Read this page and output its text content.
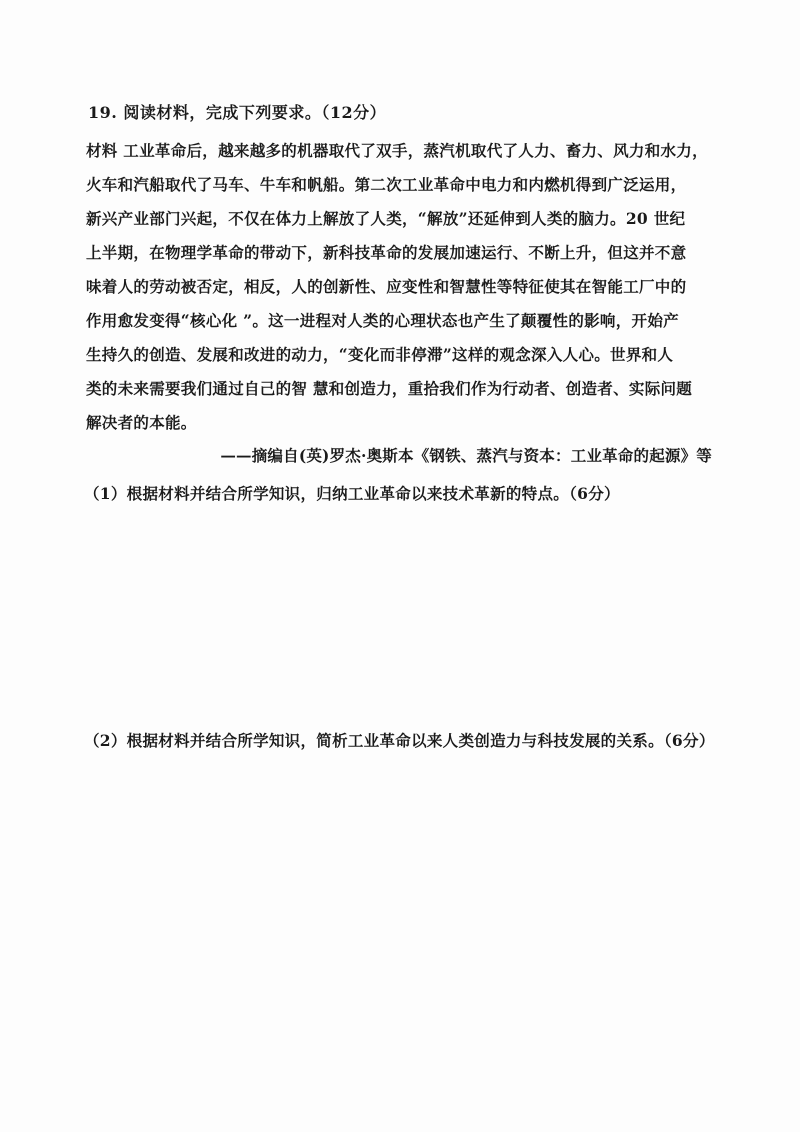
19. 阅读材料，完成下列要求。（12分）
材料 工业革命后，越来越多的机器取代了双手，蒸汽机取代了人力、畜力、风力和水力，
火车和汽船取代了马车、牛车和帆船。第二次工业革命中电力和内燃机得到广泛运用，
新兴产业部门兴起，不仅在体力上解放了人类，“解放”还延伸到人类的脑力。20 世纪
上半期，在物理学革命的带动下，新科技革命的发展加速运行、不断上升，但这并不意
味着人的劳动被否定，相反，人的创新性、应变性和智慧性等特征使其在智能工厂中的
作用愈发变得“核心化 ”。这一进程对人类的心理状态也产生了颠覆性的影响，开始产
生持久的创造、发展和改进的动力，“变化而非停滞”这样的观念深入人心。世界和人
类的未来需要我们通过自己的智 慧和创造力，重拾我们作为行动者、创造者、实际问题
解决者的本能。
——摘编自(英)罗杰·奥斯本《钢铁、蒸汽与资本：工业革命的起源》等
（1）根据材料并结合所学知识，归纳工业革命以来技术革新的特点。（6分）
（2）根据材料并结合所学知识，简析工业革命以来人类创造力与科技发展的关系。（6分）
